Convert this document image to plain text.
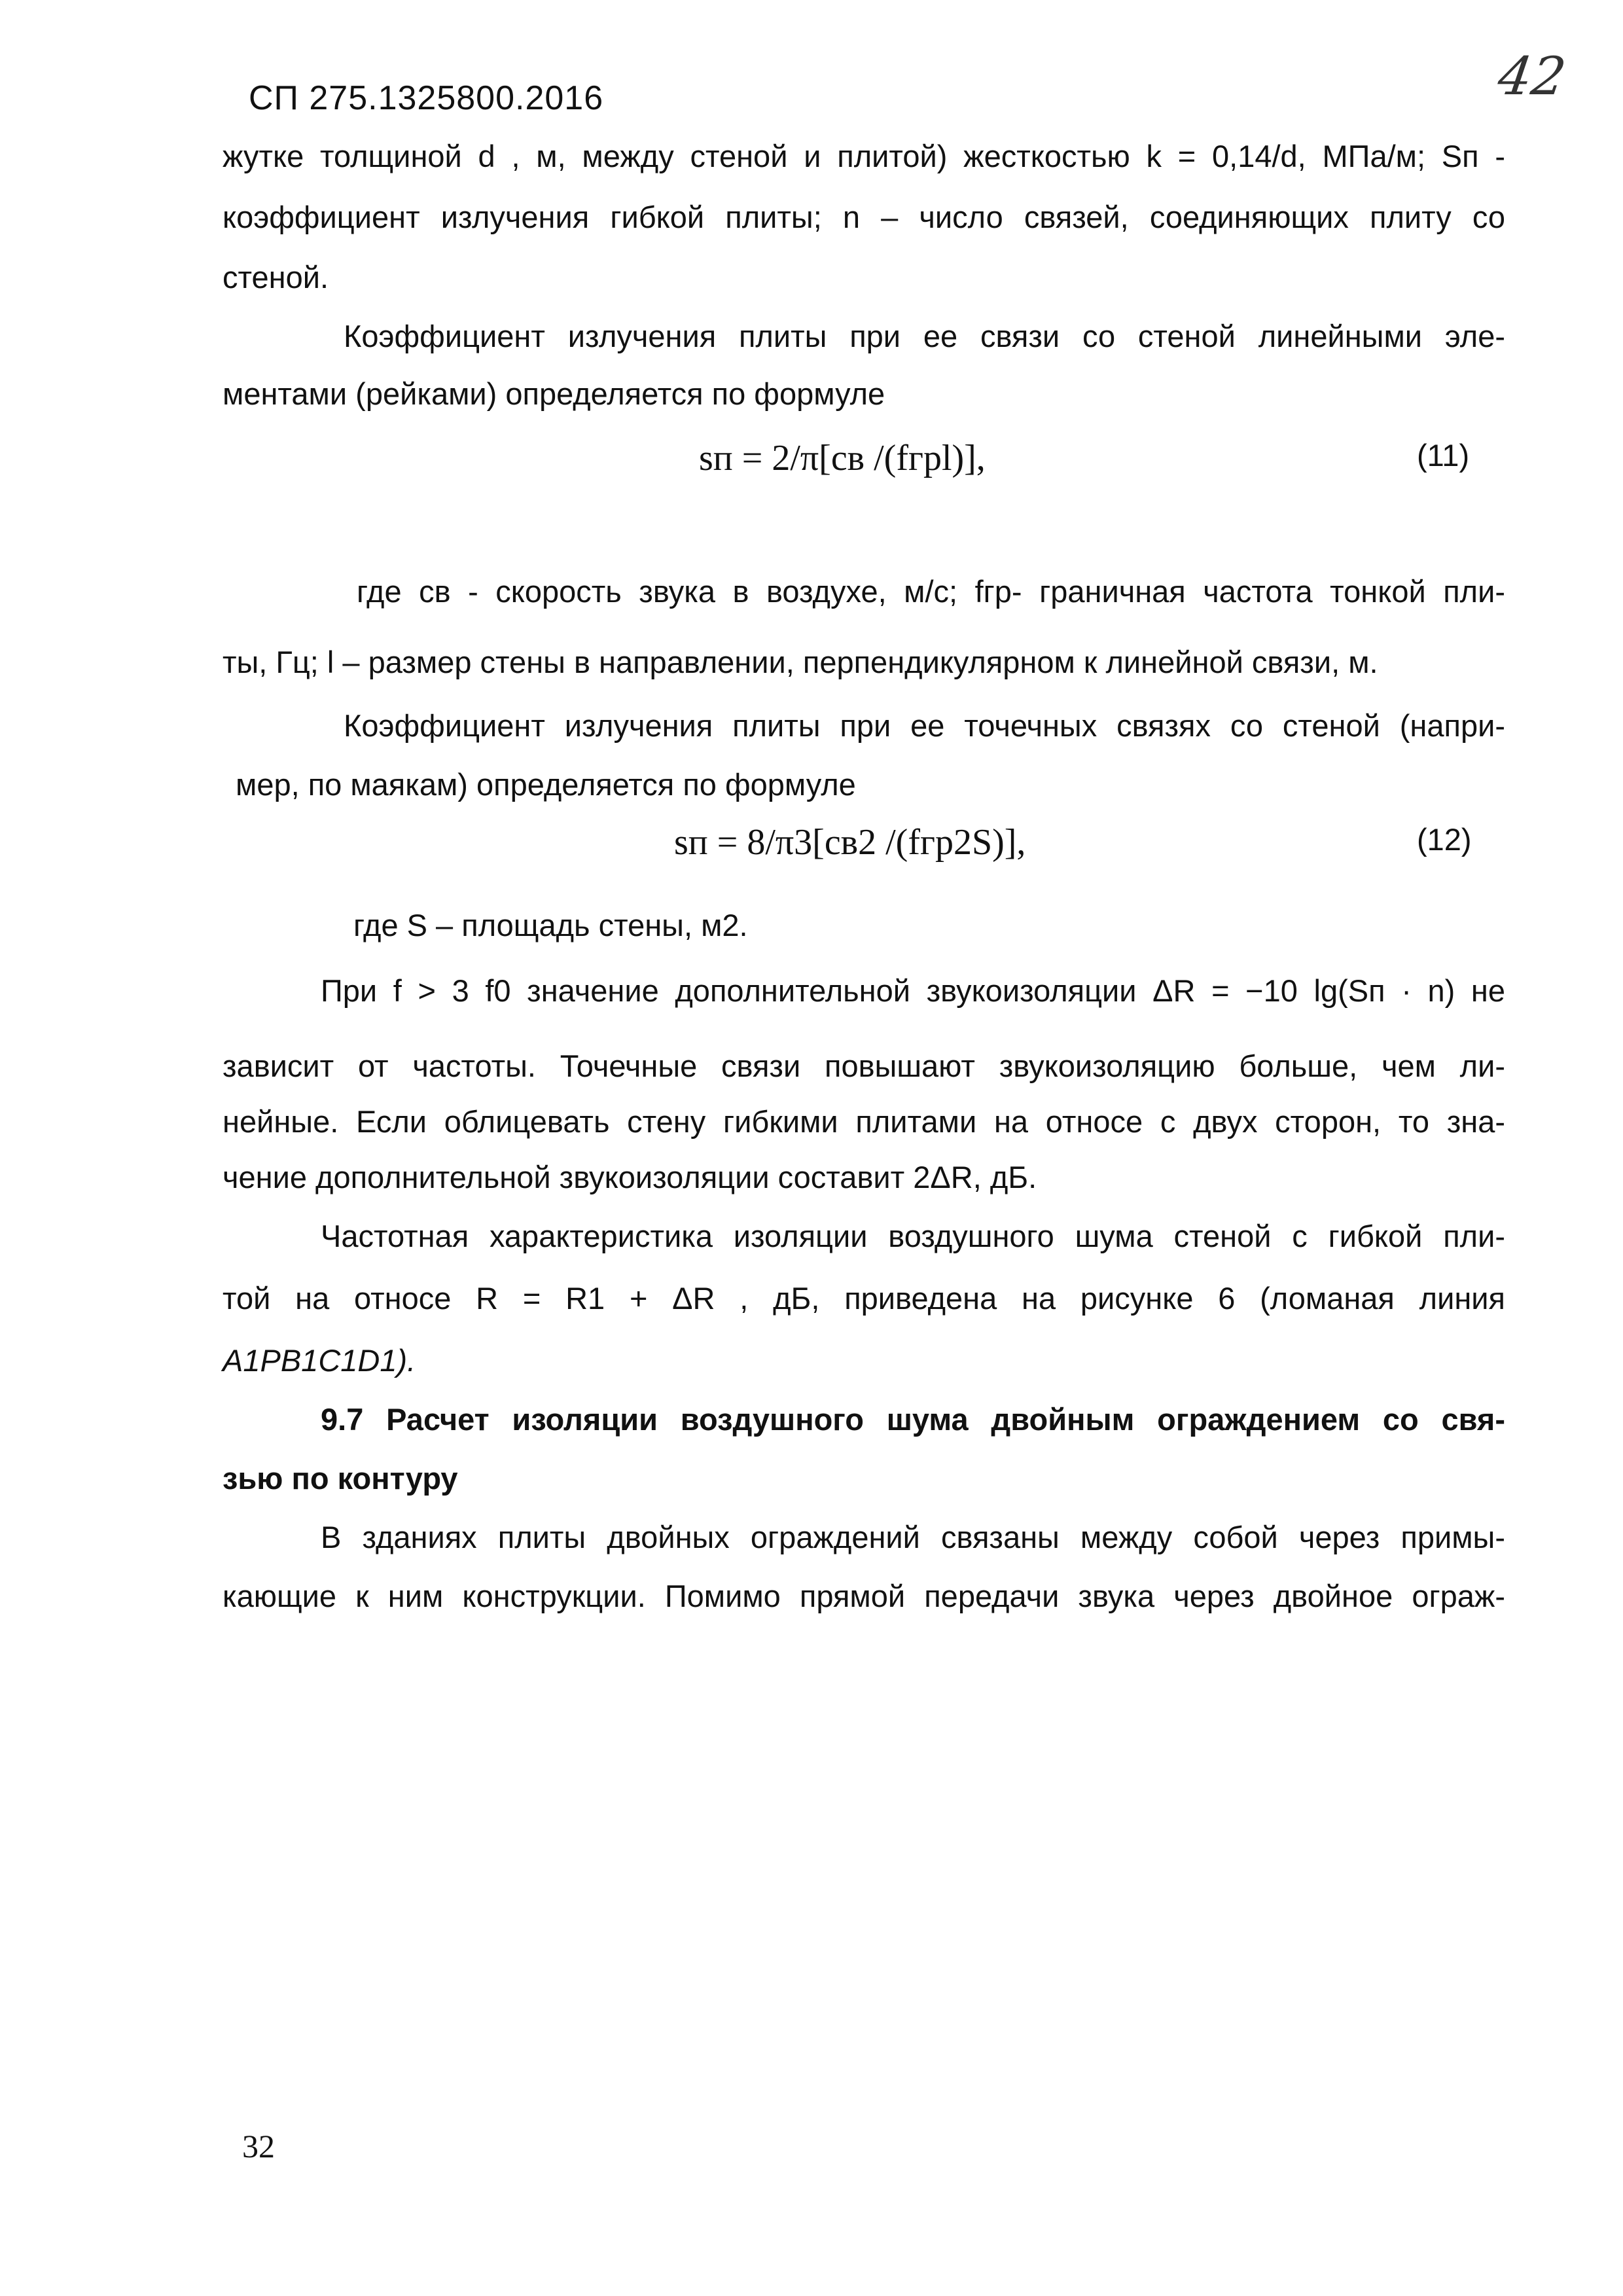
СП 275.1325800.2016	42
жутке толщиной d , м, между стеной и плитой) жесткостью k = 0,14/d, МПа/м; Sп -
коэффициент излучения гибкой плиты; n – число связей, соединяющих плиту со
стеной.
Коэффициент излучения плиты при ее связи со стеной линейными эле-
ментами (рейками) определяется по формуле
sп = 2/π[cв /(fгрl)],	(11)
где cв - скорость звука в воздухе, м/с; fгр- граничная частота тонкой пли-
ты, Гц; l – размер стены в направлении, перпендикулярном к линейной связи, м.
Коэффициент излучения плиты при ее точечных связях со стеной (напри-
мер, по маякам) определяется по формуле
sп = 8/π3[cв2 /(fгр2S)],	(12)
где S – площадь стены, м2.
При f > 3 f0 значение дополнительной звукоизоляции ΔR = −10 lg(Sп · n) не
зависит от частоты. Точечные связи повышают звукоизоляцию больше, чем ли-
нейные. Если облицевать стену гибкими плитами на относе с двух сторон, то зна-
чение дополнительной звукоизоляции составит 2ΔR, дБ.
Частотная характеристика изоляции воздушного шума стеной с гибкой пли-
той на относе R = R1 + ΔR , дБ, приведена на рисунке 6 (ломаная линия
A1PB1C1D1).
9.7 Расчет изоляции воздушного шума двойным ограждением со свя-
зью по контуру
В зданиях плиты двойных ограждений связаны между собой через примы-
кающие к ним конструкции. Помимо прямой передачи звука через двойное ограж-
32
